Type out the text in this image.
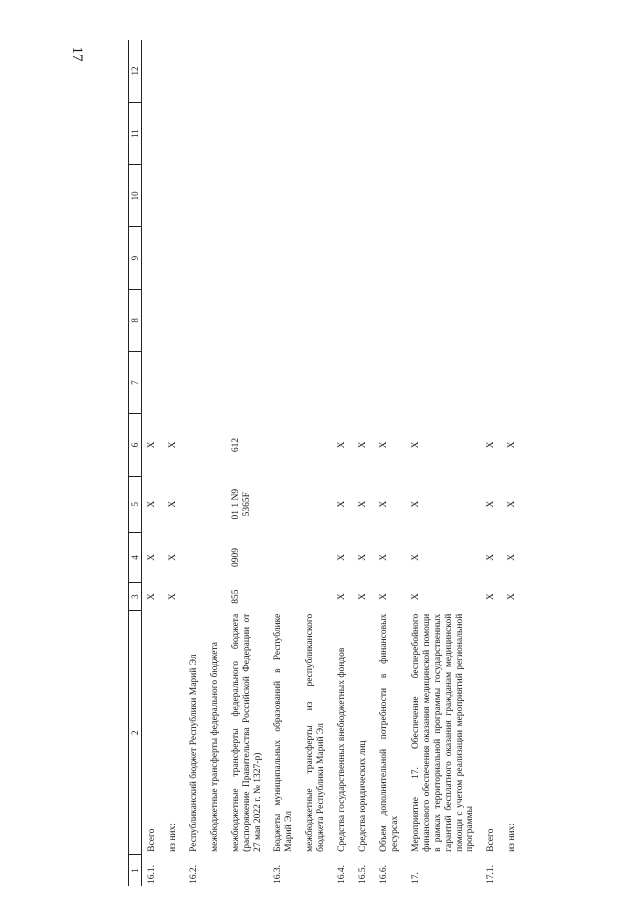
17
1	2	3	4	5	6	7	8	9	10	11	12
16.1.	Всего	X	X	X	X						
	из них:	X	X	X	X						
16.2.	Республиканский бюджет Республики Марий Эл										
	межбюджетные трансферты федерального бюджета										
	межбюджетные трансферты федерального бюджета (распоряжение Правительства Российской Федерации от 27 мая 2022 г. № 1327-р)	855	0909	01 1 N9 5365F	612						
16.3.	Бюджеты муниципальных образований в Республике Марий Эл										
	межбюджетные трансферты из республиканского бюджета Республики Марий Эл										
16.4.	Средства государственных внебюджетных фондов	X	X	X	X						
16.5.	Средства юридических лиц	X	X	X	X						
16.6.	Объем дополнительной потребности в финансовых ресурсах	X	X	X	X						
17.	Мероприятие 17. Обеспечение бесперебойного финансового обеспечения оказания медицинской помощи в рамках территориальной программы государственных гарантий бесплатного оказания гражданам медицинской помощи с учетом реализации мероприятий региональной программы	X	X	X	X						
17.1.	Всего	X	X	X	X						
	из них:	X	X	X	X						
